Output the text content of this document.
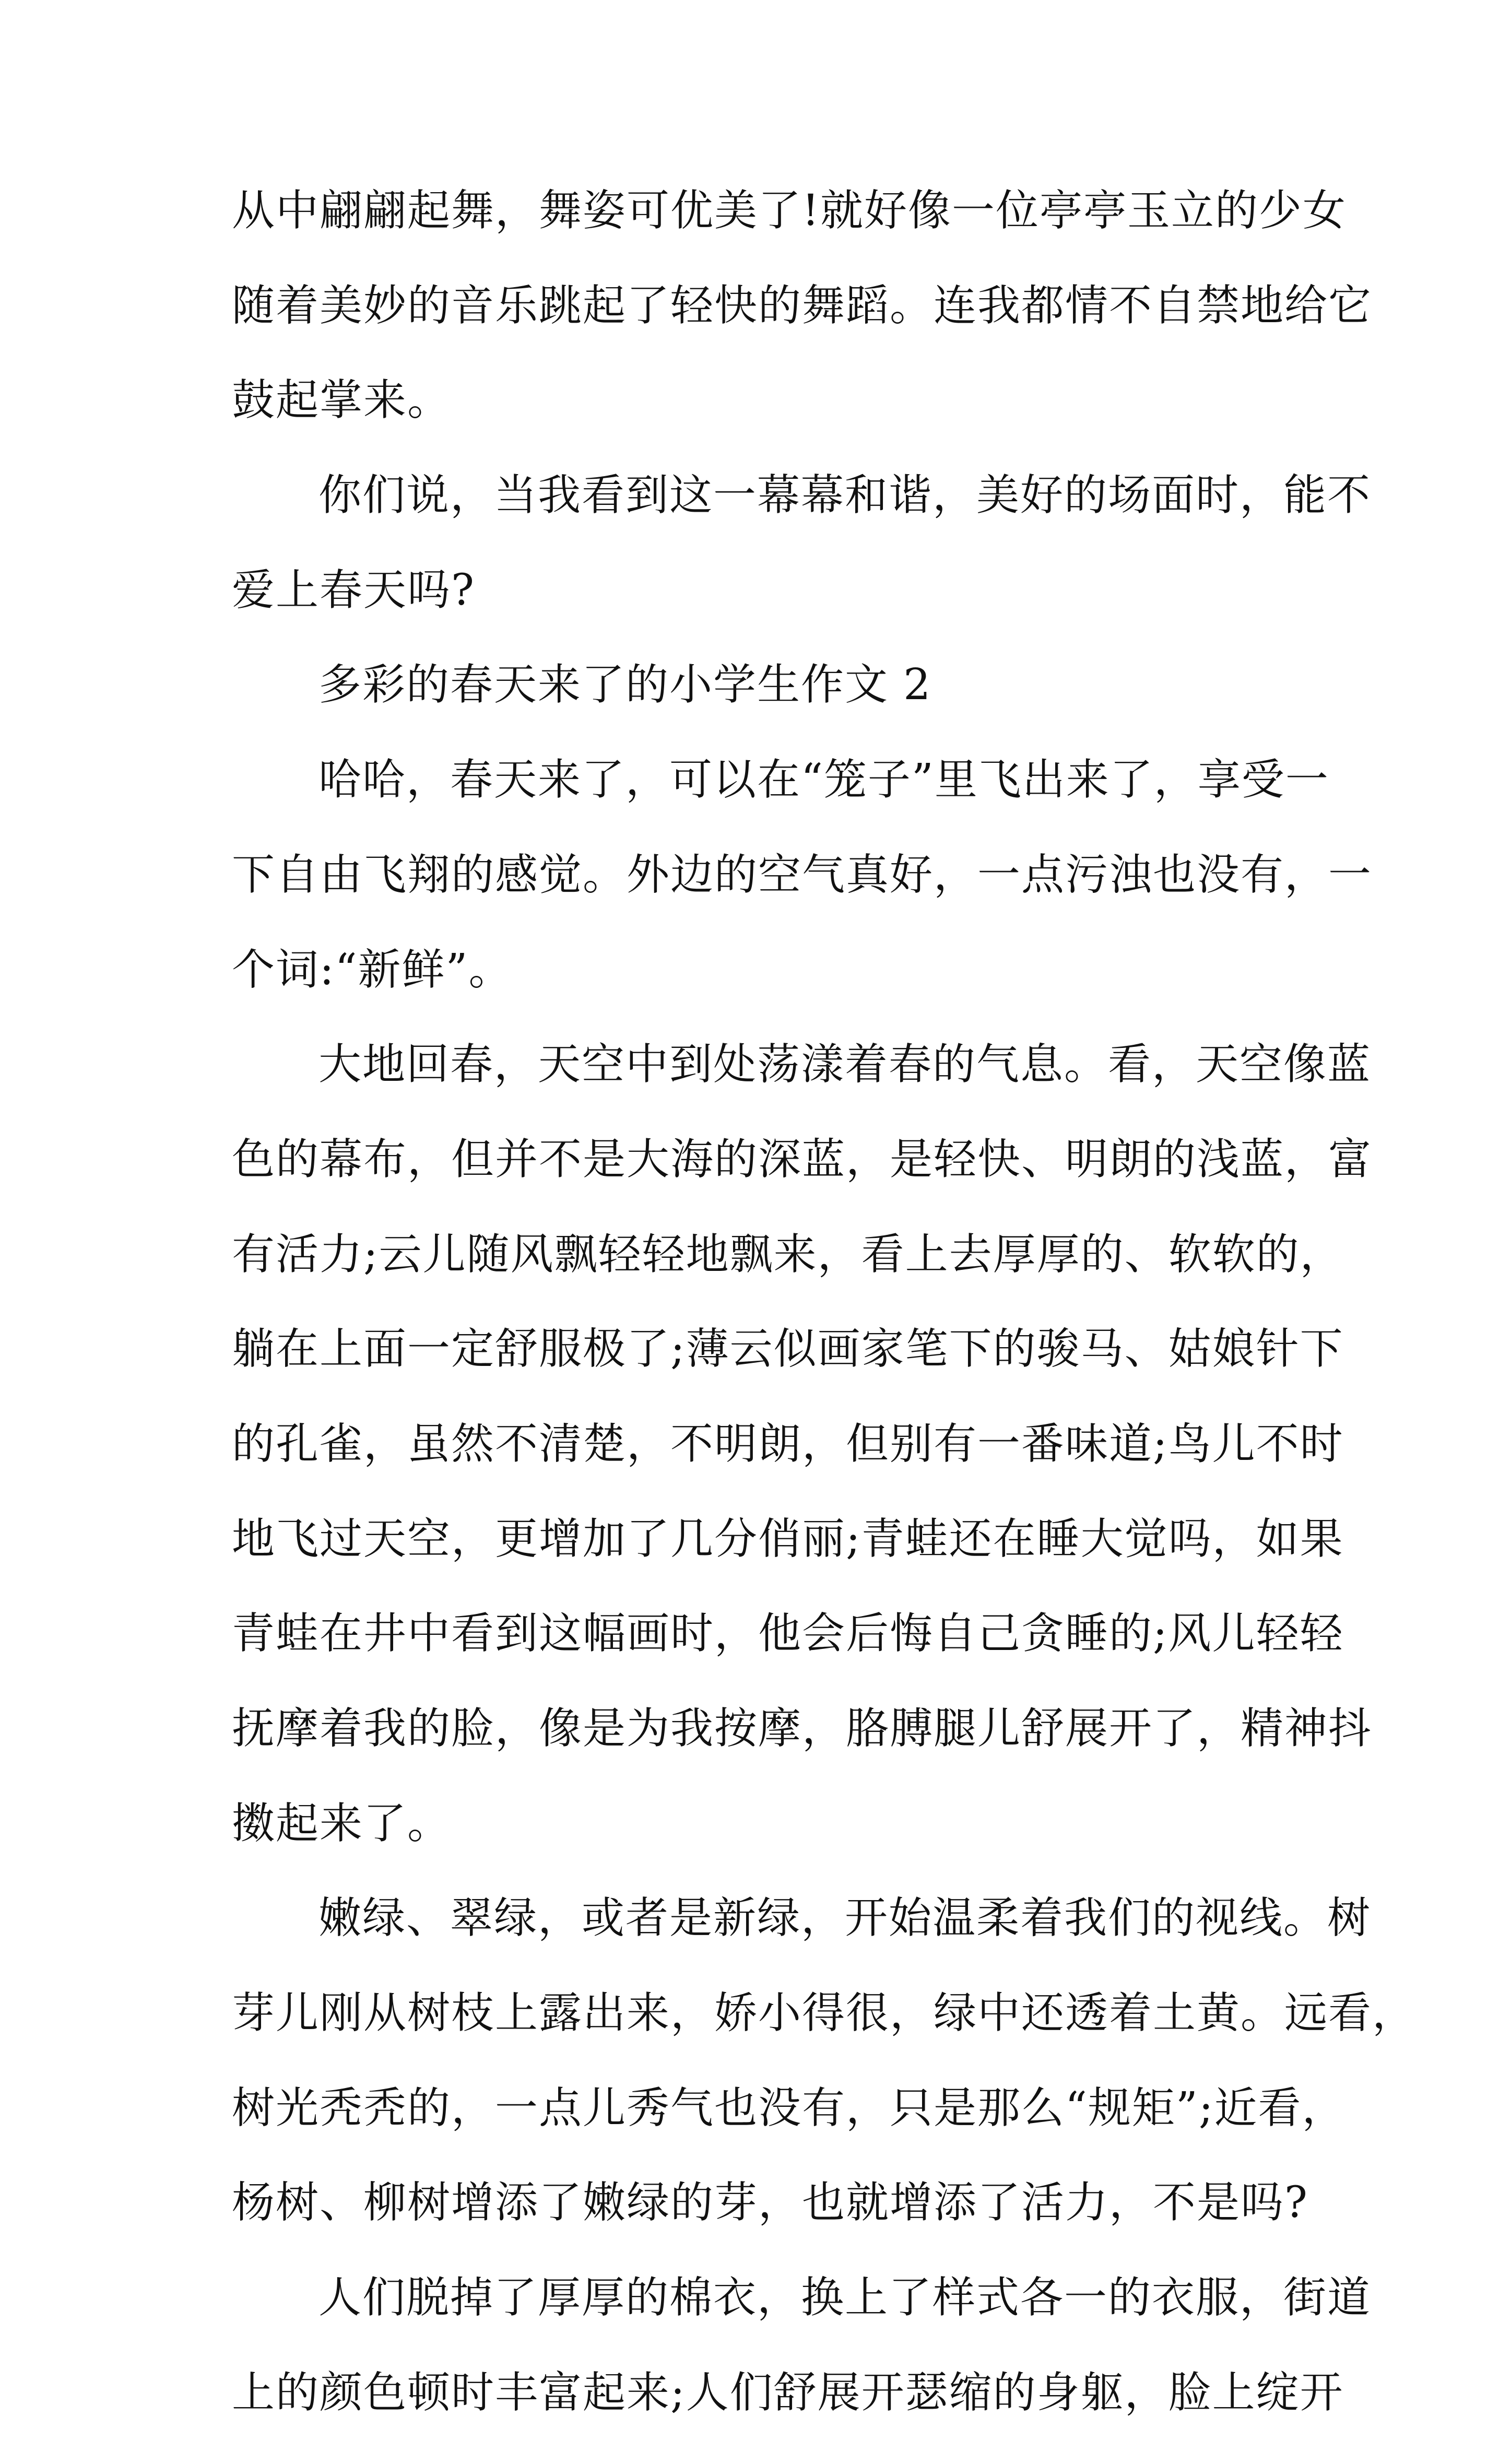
从中翩翩起舞，舞姿可优美了!就好像一位亭亭玉立的少女
随着美妙的音乐跳起了轻快的舞蹈。连我都情不自禁地给它
鼓起掌来。
你们说，当我看到这一幕幕和谐，美好的场面时，能不
爱上春天吗?
多彩的春天来了的小学生作文 2
哈哈，春天来了，可以在“笼子”里飞出来了，享受一
下自由飞翔的感觉。外边的空气真好，一点污浊也没有，一
个词:“新鲜”。
大地回春，天空中到处荡漾着春的气息。看，天空像蓝
色的幕布，但并不是大海的深蓝，是轻快、明朗的浅蓝，富
有活力;云儿随风飘轻轻地飘来，看上去厚厚的、软软的，
躺在上面一定舒服极了;薄云似画家笔下的骏马、姑娘针下
的孔雀，虽然不清楚，不明朗，但别有一番味道;鸟儿不时
地飞过天空，更增加了几分俏丽;青蛙还在睡大觉吗，如果
青蛙在井中看到这幅画时，他会后悔自己贪睡的;风儿轻轻
抚摩着我的脸，像是为我按摩，胳膊腿儿舒展开了，精神抖
擞起来了。
嫩绿、翠绿，或者是新绿，开始温柔着我们的视线。树
芽儿刚从树枝上露出来，娇小得很，绿中还透着土黄。远看，
树光秃秃的，一点儿秀气也没有，只是那么“规矩”;近看，
杨树、柳树增添了嫩绿的芽，也就增添了活力，不是吗?
人们脱掉了厚厚的棉衣，换上了样式各一的衣服，街道
上的颜色顿时丰富起来;人们舒展开瑟缩的身躯，脸上绽开
